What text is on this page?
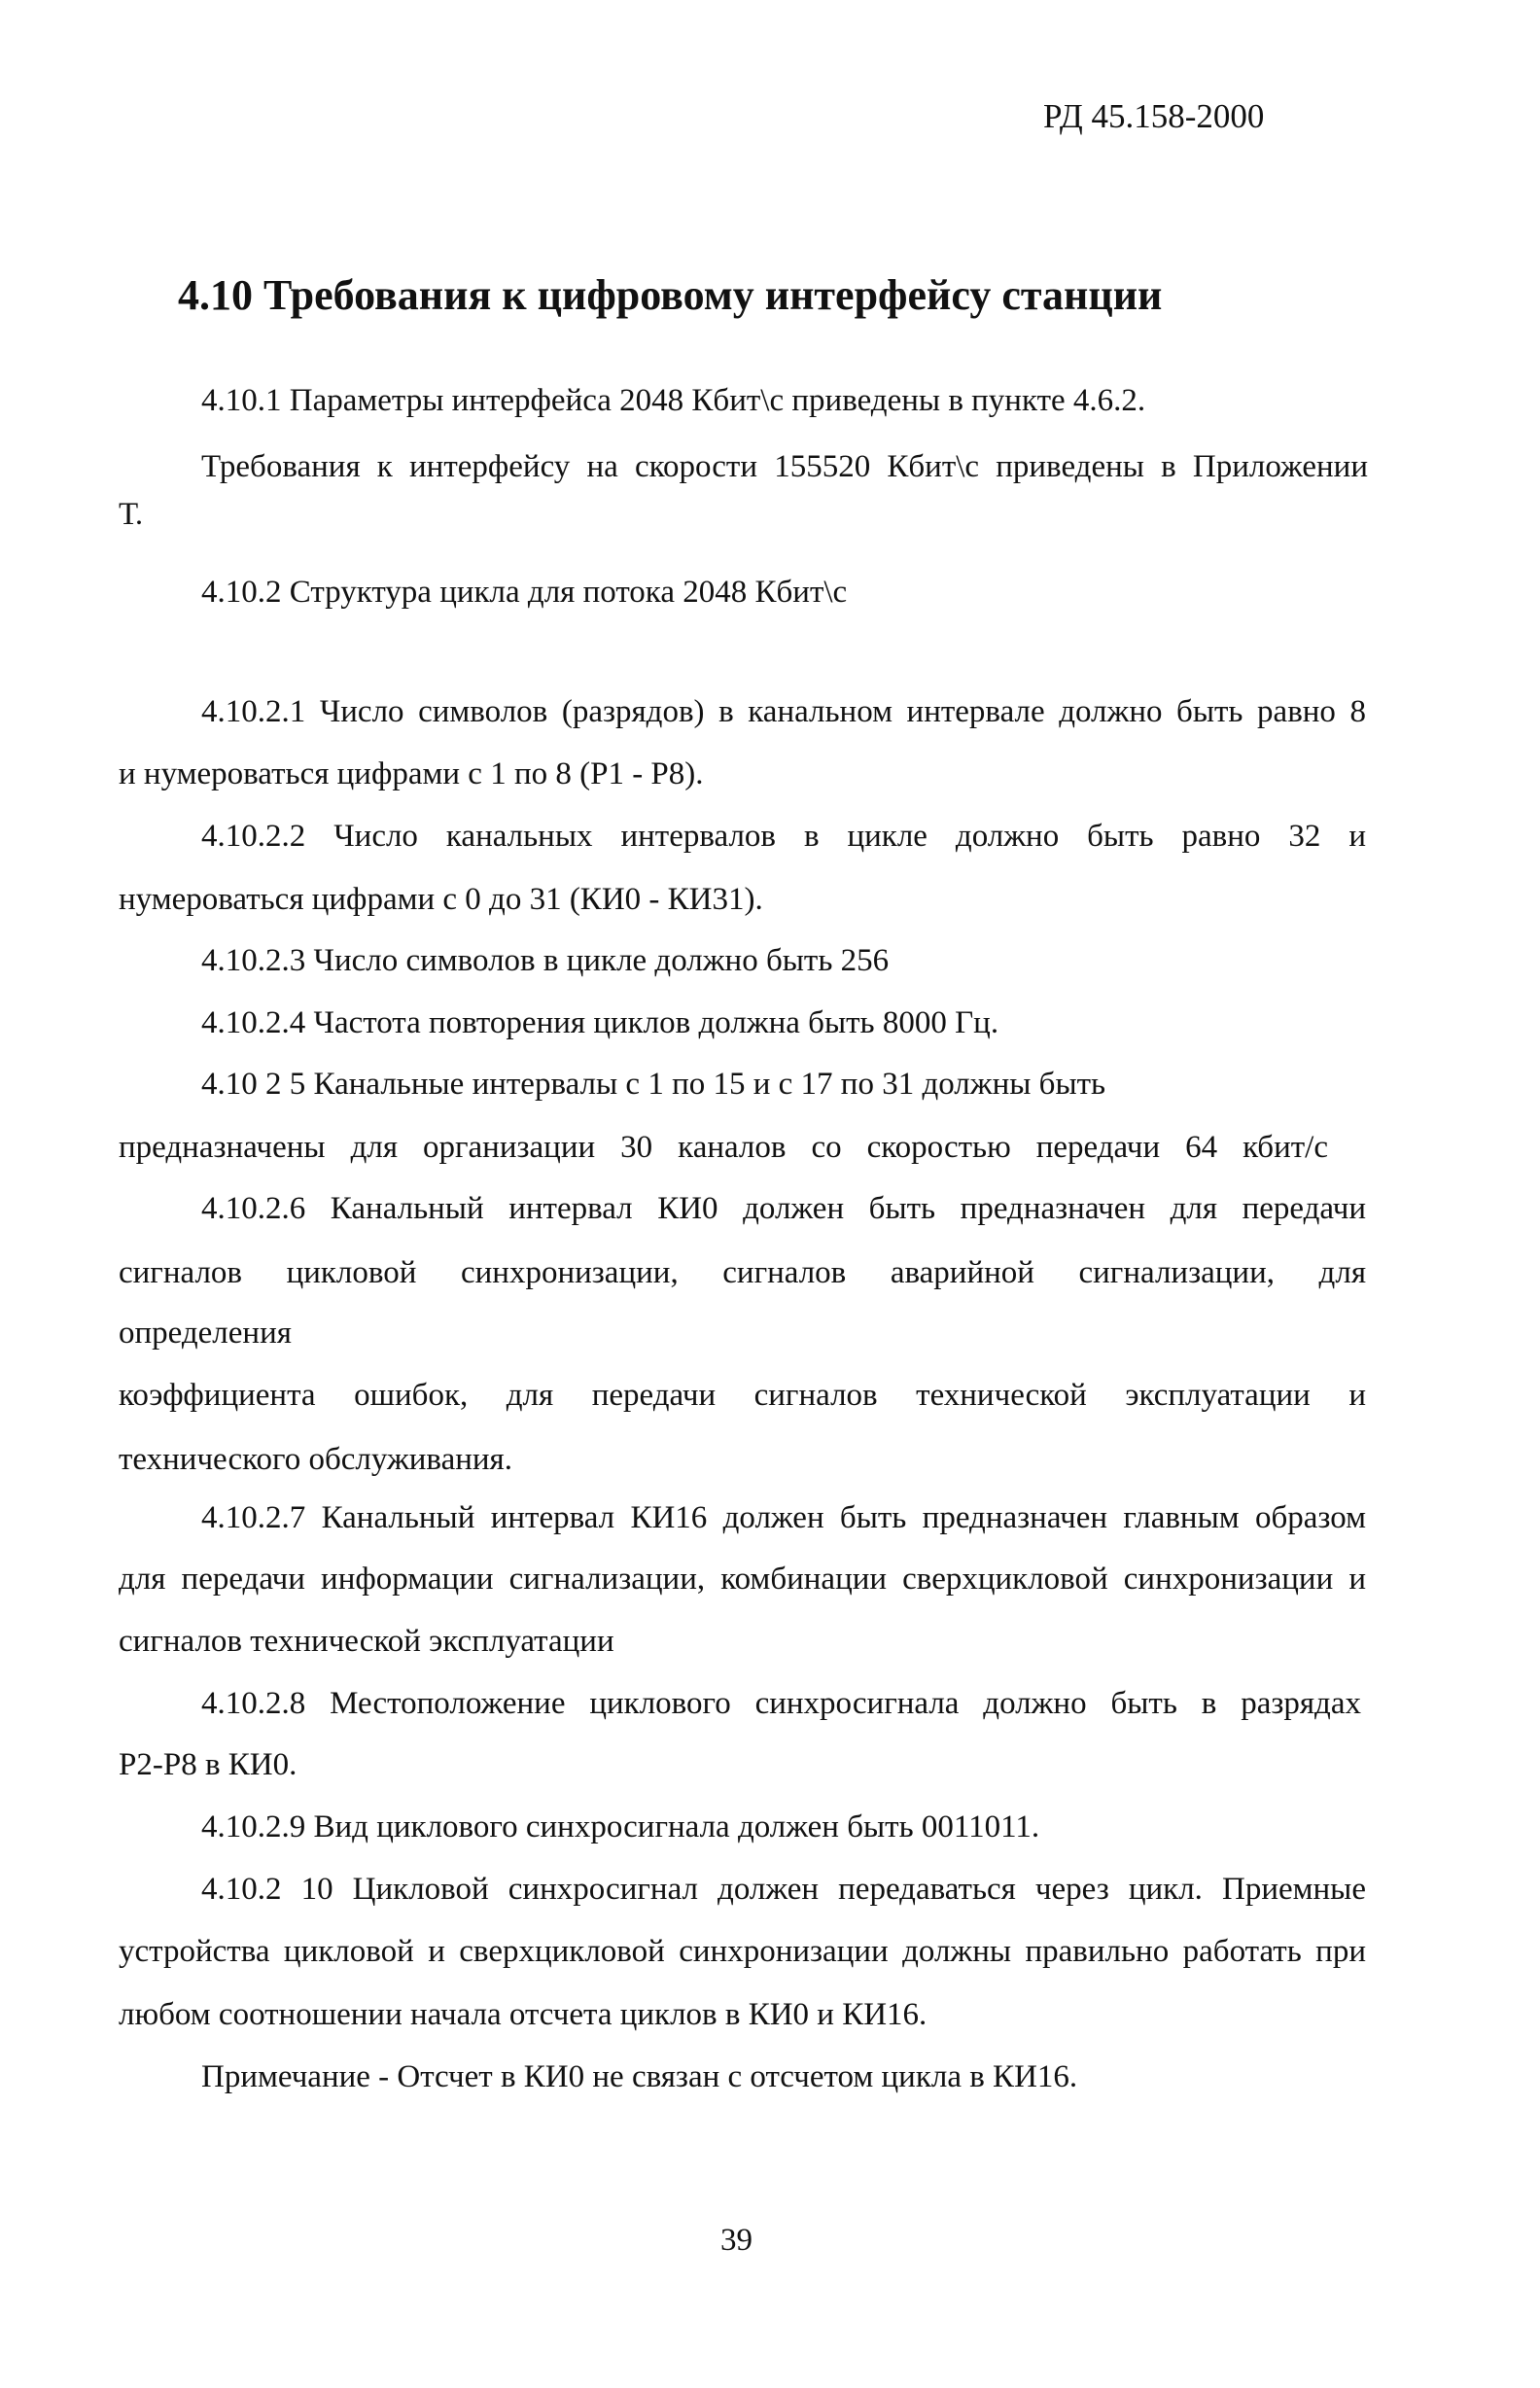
РД 45.158-2000
4.10 Требования к цифровому интерфейсу станции
4.10.1 Параметры интерфейса 2048 Кбит\с приведены в пункте 4.6.2.
Требования к интерфейсу на скорости 155520 Кбит\с приведены в Приложении
Т.
4.10.2 Структура цикла для потока 2048 Кбит\с
4.10.2.1 Число символов (разрядов) в канальном интервале должно быть равно 8
и нумероваться цифрами с 1 по 8 (Р1 - Р8).
4.10.2.2 Число канальных интервалов в цикле должно быть равно 32 и
нумероваться цифрами с 0 до 31 (КИ0 - КИ31).
4.10.2.3 Число символов в цикле должно быть 256
4.10.2.4 Частота повторения циклов должна быть 8000 Гц.
4.10 2 5 Канальные интервалы с 1 по 15 и с 17 по 31 должны быть
предназначены для организации 30 каналов со скоростью передачи 64 кбит/с
4.10.2.6 Канальный интервал КИ0 должен быть предназначен для передачи
сигналов цикловой синхронизации, сигналов аварийной сигнализации, для
определения
коэффициента ошибок, для передачи сигналов технической эксплуатации и
технического обслуживания.
4.10.2.7 Канальный интервал КИ16 должен быть предназначен главным образом
для передачи информации сигнализации, комбинации сверхцикловой синхронизации и
сигналов технической эксплуатации
4.10.2.8 Местоположение циклового синхросигнала должно быть в разрядах
Р2-Р8 в КИ0.
4.10.2.9 Вид циклового синхросигнала должен быть 0011011.
4.10.2 10 Цикловой синхросигнал должен передаваться через цикл. Приемные
устройства цикловой и сверхцикловой синхронизации должны правильно работать при
любом соотношении начала отсчета циклов в КИ0 и КИ16.
Примечание - Отсчет в КИ0 не связан с отсчетом цикла в КИ16.
39
